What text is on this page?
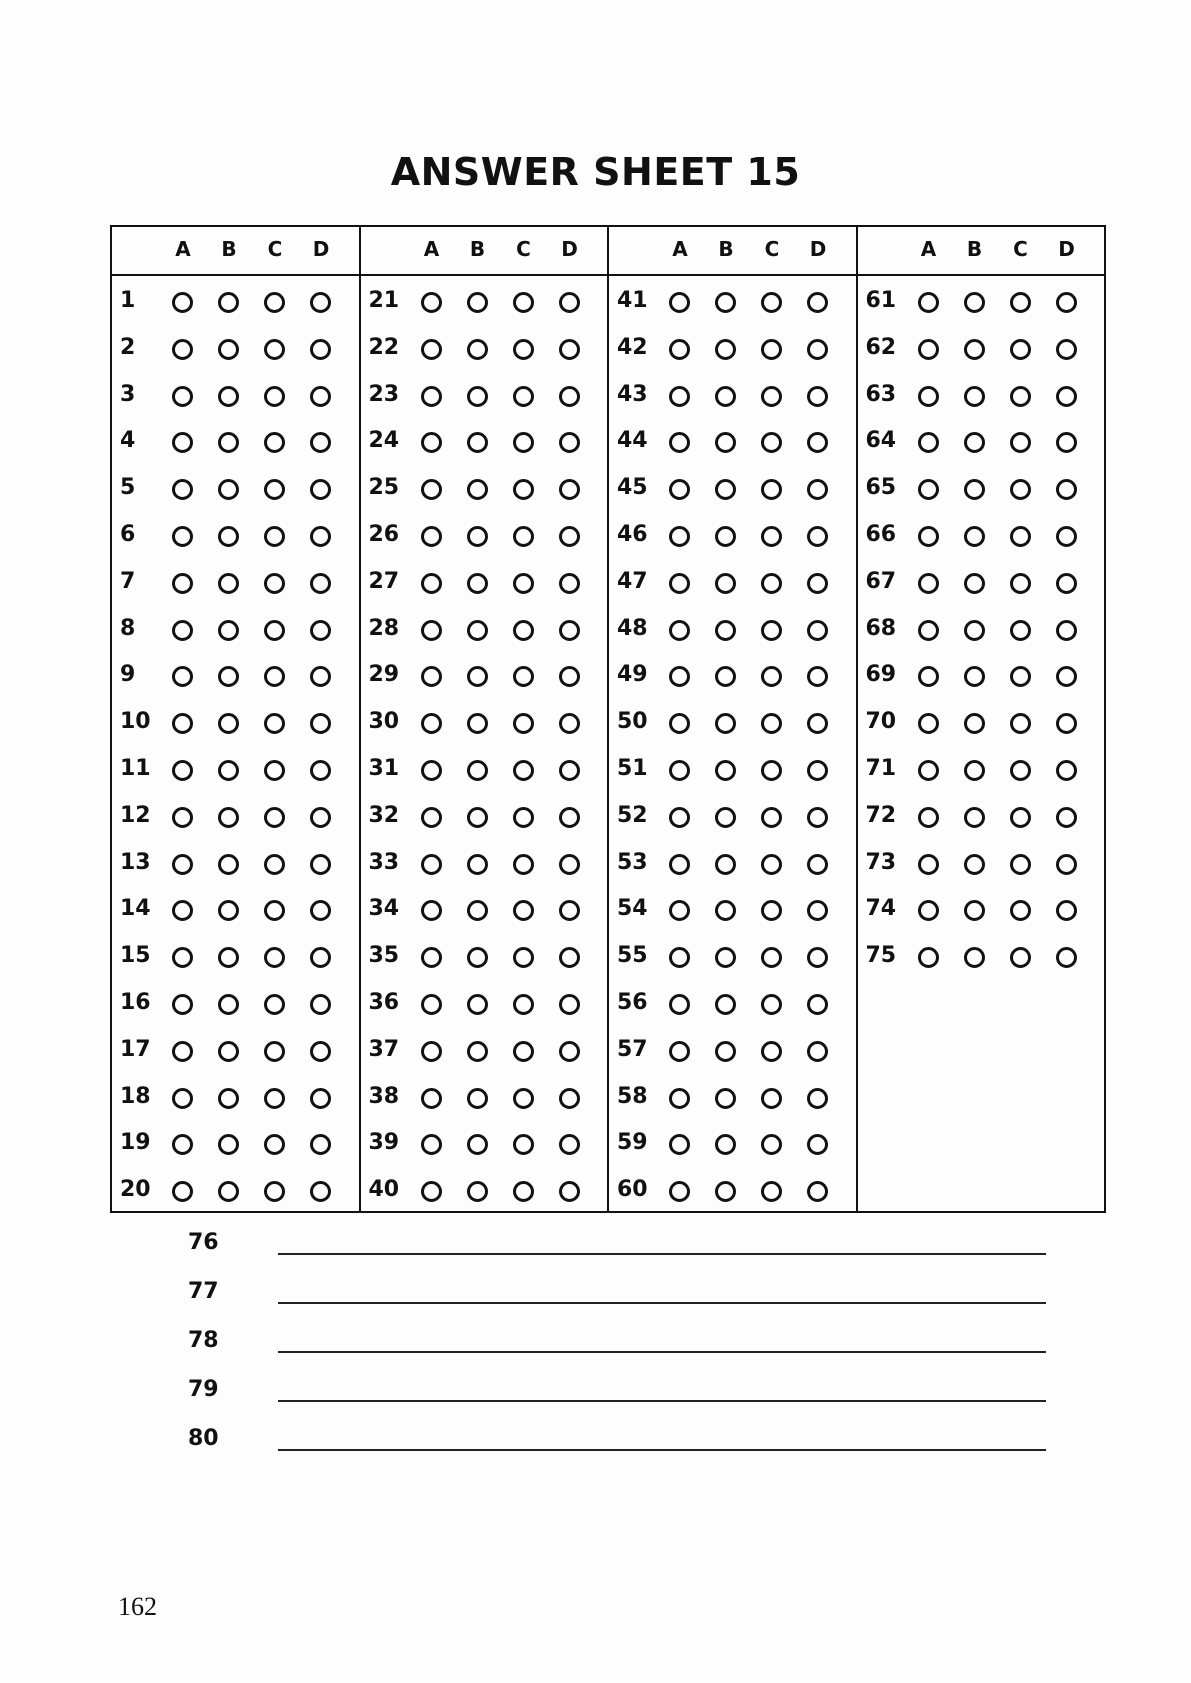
ANSWER SHEET 15
A	B	C	D
1
2
3
4
5
6
7
8
9
10
11
12
13
14
15
16
17
18
19
20
A	B	C	D
21
22
23
24
25
26
27
28
29
30
31
32
33
34
35
36
37
38
39
40
A	B	C	D
41
42
43
44
45
46
47
48
49
50
51
52
53
54
55
56
57
58
59
60
A	B	C	D
61
62
63
64
65
66
67
68
69
70
71
72
73
74
75
76
77
78
79
80
162
